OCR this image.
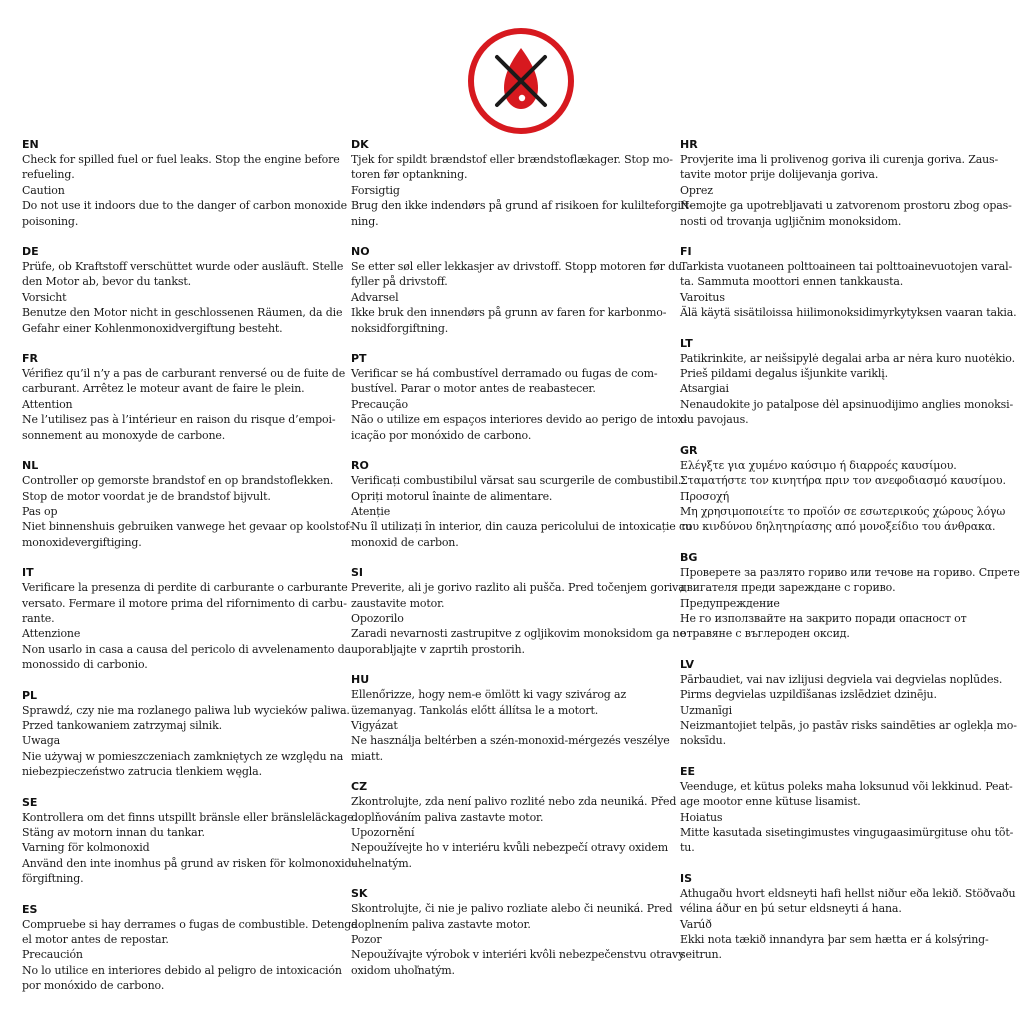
EN
Check for spilled fuel or fuel leaks. Stop the engine before
refueling.
Caution
Do not use it indoors due to the danger of carbon monoxide
poisoning.
DE
Prüfe, ob Kraftstoff verschüttet wurde oder ausläuft. Stelle
den Motor ab, bevor du tankst.
Vorsicht
Benutze den Motor nicht in geschlossenen Räumen, da die
Gefahr einer Kohlenmonoxidvergiftung besteht.
FR
Vérifiez qu’il n’y a pas de carburant renversé ou de fuite de
carburant. Arrêtez le moteur avant de faire le plein.
Attention
Ne l’utilisez pas à l’intérieur en raison du risque d’empoi-
sonnement au monoxyde de carbone.
NL
Controller op gemorste brandstof en op brandstoflekken.
Stop de motor voordat je de brandstof bijvult.
Pas op
Niet binnenshuis gebruiken vanwege het gevaar op koolstof-
monoxidevergiftiging.
IT
Verificare la presenza di perdite di carburante o carburante
versato. Fermare il motore prima del rifornimento di carbu-
rante.
Attenzione
Non usarlo in casa a causa del pericolo di avvelenamento da
monossido di carbonio.
PL
Sprawdź, czy nie ma rozlanego paliwa lub wycieków paliwa.
Przed tankowaniem zatrzymaj silnik.
Uwaga
Nie używaj w pomieszczeniach zamkniętych ze względu na
niebezpieczeństwo zatrucia tlenkiem węgla.
SE
Kontrollera om det finns utspillt bränsle eller bränsleläckage.
Stäng av motorn innan du tankar.
Varning för kolmonoxid
Använd den inte inomhus på grund av risken för kolmonoxid-
förgiftning.
ES
Compruebe si hay derrames o fugas de combustible. Detenga
el motor antes de repostar.
Precaución
No lo utilice en interiores debido al peligro de intoxicación
por monóxido de carbono.
DK
Tjek for spildt brændstof eller brændstoflækager. Stop mo-
toren før optankning.
Forsigtig
Brug den ikke indendørs på grund af risikoen for kulilteforgift-
ning.
NO
Se etter søl eller lekkasjer av drivstoff. Stopp motoren før du
fyller på drivstoff.
Advarsel
Ikke bruk den innendørs på grunn av faren for karbonmo-
noksidforgiftning.
PT
Verificar se há combustível derramado ou fugas de com-
bustível. Parar o motor antes de reabastecer.
Precaução
Não o utilize em espaços interiores devido ao perigo de intox-
icação por monóxido de carbono.
RO
Verificați combustibilul vărsat sau scurgerile de combustibil.
Opriți motorul înainte de alimentare.
Atenție
Nu îl utilizați în interior, din cauza pericolului de intoxicație cu
monoxid de carbon.
SI
Preverite, ali je gorivo razlito ali pušča. Pred točenjem goriva
zaustavite motor.
Opozorilo
Zaradi nevarnosti zastrupitve z ogljikovim monoksidom ga ne
uporabljajte v zaprtih prostorih.
HU
Ellenőrizze, hogy nem-e ömlött ki vagy szivárog az
üzemanyag. Tankolás előtt állítsa le a motort.
Vigyázat
Ne használja beltérben a szén-monoxid-mérgezés veszélye
miatt.
CZ
Zkontrolujte, zda není palivo rozlité nebo zda neuniká. Před
doplňováním paliva zastavte motor.
Upozornění
Nepoužívejte ho v interiéru kvůli nebezpečí otravy oxidem
uhelnatým.
SK
Skontrolujte, či nie je palivo rozliate alebo či neuniká. Pred
doplnením paliva zastavte motor.
Pozor
Nepoužívajte výrobok v interiéri kvôli nebezpečenstvu otravy
oxidom uhoľnatým.
HR
Provjerite ima li prolivenog goriva ili curenja goriva. Zaus-
tavite motor prije dolijevanja goriva.
Oprez
Nemojte ga upotrebljavati u zatvorenom prostoru zbog opas-
nosti od trovanja ugljičnim monoksidom.
FI
Tarkista vuotaneen polttoaineen tai polttoainevuotojen varal-
ta. Sammuta moottori ennen tankkausta.
Varoitus
Älä käytä sisätiloissa hiilimonoksidimyrkytyksen vaaran takia.
LT
Patikrinkite, ar neišsipylė degalai arba ar nėra kuro nuotėkio.
Prieš pildami degalus išjunkite variklį.
Atsargiai
Nenaudokite jo patalpose dėl apsinuodijimo anglies monoksi-
du pavojaus.
GR
Ελέγξτε για χυμένο καύσιμο ή διαρροές καυσίμου.
Σταματήστε τον κινητήρα πριν τον ανεφοδιασμό καυσίμου.
Προσοχή
Μη χρησιμοποιείτε το προϊόν σε εσωτερικούς χώρους λόγω
του κινδύνου δηλητηρίασης από μονοξείδιο του άνθρακα.
BG
Проверете за разлято гориво или течове на гориво. Спрете
двигателя преди зареждане с гориво.
Предупреждение
Не го използвайте на закрито поради опасност от
отравяне с въглероден оксид.
LV
Pārbaudiet, vai nav izlijusi degviela vai degvielas noplūdes.
Pirms degvielas uzpildīšanas izslēdziet dzinēju.
Uzmanīgi
Neizmantojiet telpās, jo pastāv risks saindēties ar oglekļa mo-
noksīdu.
EE
Veenduge, et kütus poleks maha loksunud või lekkinud. Peat-
age mootor enne kütuse lisamist.
Hoiatus
Mitte kasutada sisetingimustes vingugaasimürgituse ohu tõt-
tu.
IS
Athugaðu hvort eldsneyti hafi hellst niður eða lekið. Stöðvaðu
vélina áður en þú setur eldsneyti á hana.
Varúð
Ekki nota tækið innandyra þar sem hætta er á kolsýring-
seitrun.
